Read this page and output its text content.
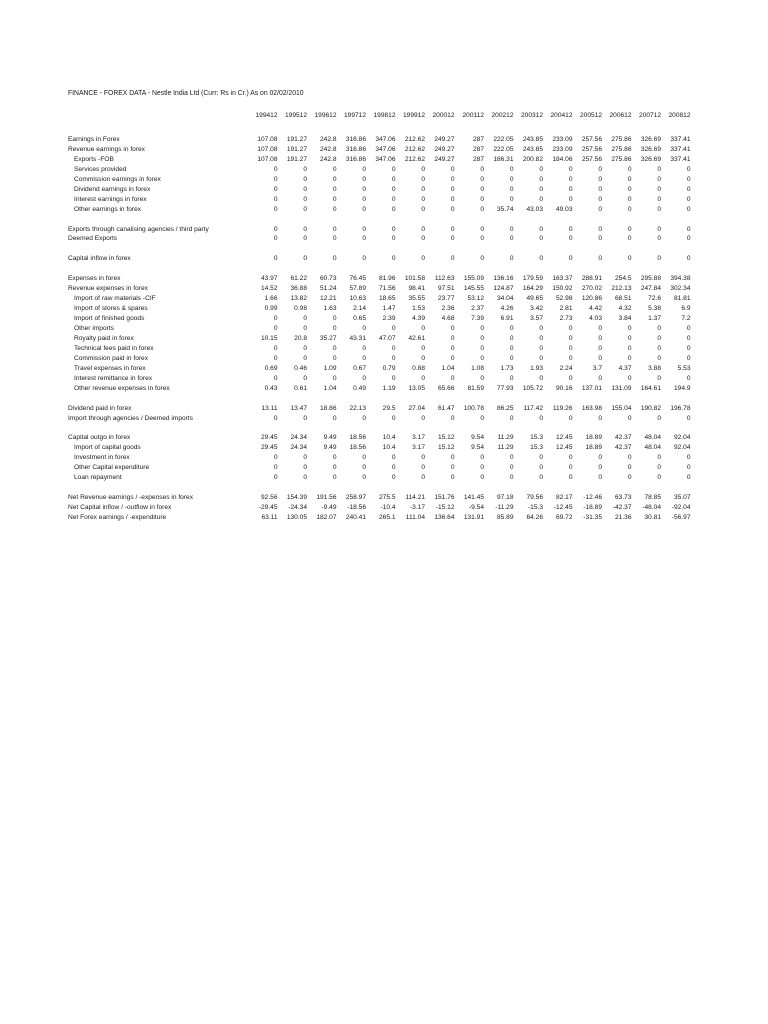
FINANCE - FOREX DATA - Nestle India Ltd (Curr: Rs in Cr.) As on 02/02/2010
	199412	199512	199612	199712	199812	199912	200012	200112	200212	200312	200412	200512	200612	200712	200812

Earnings in Forex	107.08	191.27	242.8	316.86	347.06	212.62	249.27	287	222.05	243.85	233.09	257.56	275.86	326.69	337.41
Revenue earnings in forex	107.08	191.27	242.8	316.86	347.06	212.62	249.27	287	222.05	243.85	233.09	257.56	275.86	326.69	337.41
Exports -FOB	107.08	191.27	242.8	316.86	347.06	212.62	249.27	287	186.31	200.82	184.06	257.56	275.86	326.69	337.41
Services provided	0	0	0	0	0	0	0	0	0	0	0	0	0	0	0
Commission earnings in forex	0	0	0	0	0	0	0	0	0	0	0	0	0	0	0
Dividend earnings in forex	0	0	0	0	0	0	0	0	0	0	0	0	0	0	0
Interest earnings in forex	0	0	0	0	0	0	0	0	0	0	0	0	0	0	0
Other earnings in forex	0	0	0	0	0	0	0	0	35.74	43.03	49.03	0	0	0	0

Exports through canalising agencies / third party	0	0	0	0	0	0	0	0	0	0	0	0	0	0	0
Deemed Exports	0	0	0	0	0	0	0	0	0	0	0	0	0	0	0

Capital inflow in forex	0	0	0	0	0	0	0	0	0	0	0	0	0	0	0

Expenses in forex	43.97	61.22	60.73	76.45	81.96	101.58	112.63	155.09	136.16	179.59	163.37	288.91	254.5	295.88	394.38
Revenue expenses in forex	14.52	36.88	51.24	57.89	71.56	98.41	97.51	145.55	124.87	164.29	150.92	270.02	212.13	247.84	302.34
Import of raw materials -CIF	1.66	13.82	12.21	10.63	18.65	35.55	23.77	53.12	34.04	49.65	52.98	120.86	68.51	72.6	81.81
Import of stores & spares	0.99	0.98	1.63	2.14	1.47	1.53	2.36	2.37	4.26	3.42	2.81	4.42	4.32	5.38	6.9
Import of finished goods	0	0	0	0.65	2.39	4.39	4.68	7.39	6.91	3.57	2.73	4.03	3.84	1.37	7.2
Other imports	0	0	0	0	0	0	0	0	0	0	0	0	0	0	0
Royalty paid in forex	10.15	20.8	35.27	43.31	47.07	42.61	0	0	0	0	0	0	0	0	0
Technical fees paid in forex	0	0	0	0	0	0	0	0	0	0	0	0	0	0	0
Commission paid in forex	0	0	0	0	0	0	0	0	0	0	0	0	0	0	0
Travel expenses in forex	0.69	0.46	1.09	0.67	0.79	0.88	1.04	1.08	1.73	1.93	2.24	3.7	4.37	3.88	5.53
Interest remittance in forex	0	0	0	0	0	0	0	0	0	0	0	0	0	0	0
Other revenue expenses in forex	0.43	0.61	1.04	0.49	1.19	13.05	65.66	81.59	77.93	105.72	90.16	137.01	131.09	164.61	194.9

Dividend paid in forex	13.11	13.47	18.86	22.13	29.5	27.04	61.47	100.78	86.25	117.42	119.26	163.98	155.04	190.82	196.78
Import through agencies / Deemed imports	0	0	0	0	0	0	0	0	0	0	0	0	0	0	0

Capital outgo in forex	29.45	24.34	9.49	18.56	10.4	3.17	15.12	9.54	11.29	15.3	12.45	18.89	42.37	48.04	92.04
Import of capital goods	29.45	24.34	9.49	18.56	10.4	3.17	15.12	9.54	11.29	15.3	12.45	18.89	42.37	48.04	92.04
Investment in forex	0	0	0	0	0	0	0	0	0	0	0	0	0	0	0
Other Capital expenditure	0	0	0	0	0	0	0	0	0	0	0	0	0	0	0
Loan repayment	0	0	0	0	0	0	0	0	0	0	0	0	0	0	0

Net Revenue earnings / -expenses in forex	92.56	154.39	191.56	258.97	275.5	114.21	151.76	141.45	97.18	79.56	82.17	-12.46	63.73	78.85	35.07
Net Capital inflow / -outflow in forex	-29.45	-24.34	-9.49	-18.56	-10.4	-3.17	-15.12	-9.54	-11.29	-15.3	-12.45	-18.89	-42.37	-48.04	-92.04
Net Forex earnings / -expenditure	63.11	130.05	182.07	240.41	265.1	111.04	136.64	131.91	85.89	64.26	69.72	-31.35	21.36	30.81	-56.97
